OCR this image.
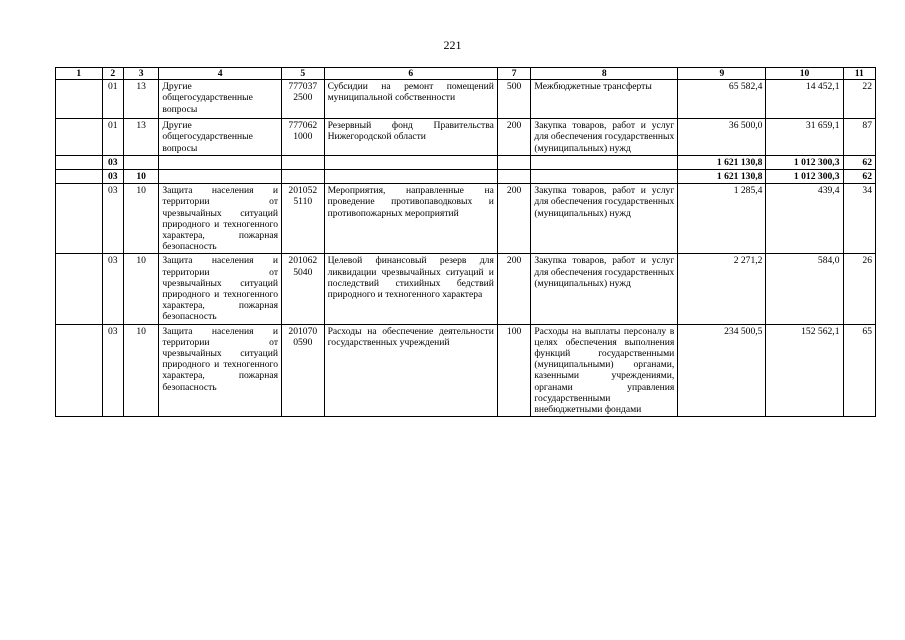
221
1	2	3	4	5	6	7	8	9	10	11
	01	13	Другие общегосударственные вопросы	777037 2500	Субсидии на ремонт помещений муниципальной собственности	500	Межбюджетные трансферты	65 582,4	14 452,1	22
	01	13	Другие общегосударственные вопросы	777062 1000	Резервный фонд Правительства Нижегородской области	200	Закупка товаров, работ и услуг для обеспечения государственных (муниципальных) нужд	36 500,0	31 659,1	87
	03							1 621 130,8	1 012 300,3	62
	03	10						1 621 130,8	1 012 300,3	62
	03	10	Защита населения и территории от чрезвычайных ситуаций природного и техногенного характера, пожарная безопасность	201052 5110	Мероприятия, направленные на проведение противопаводковых и противопожарных мероприятий	200	Закупка товаров, работ и услуг для обеспечения государственных (муниципальных) нужд	1 285,4	439,4	34
	03	10	Защита населения и территории от чрезвычайных ситуаций природного и техногенного характера, пожарная безопасность	201062 5040	Целевой финансовый резерв для ликвидации чрезвычайных ситуаций и последствий стихийных бедствий природного и техногенного характера	200	Закупка товаров, работ и услуг для обеспечения государственных (муниципальных) нужд	2 271,2	584,0	26
	03	10	Защита населения и территории от чрезвычайных ситуаций природного и техногенного характера, пожарная безопасность	201070 0590	Расходы на обеспечение деятельности государственных учреждений	100	Расходы на выплаты персоналу в целях обеспечения выполнения функций государственными (муниципальными) органами, казенными учреждениями, органами управления государственными внебюджетными фондами	234 500,5	152 562,1	65
